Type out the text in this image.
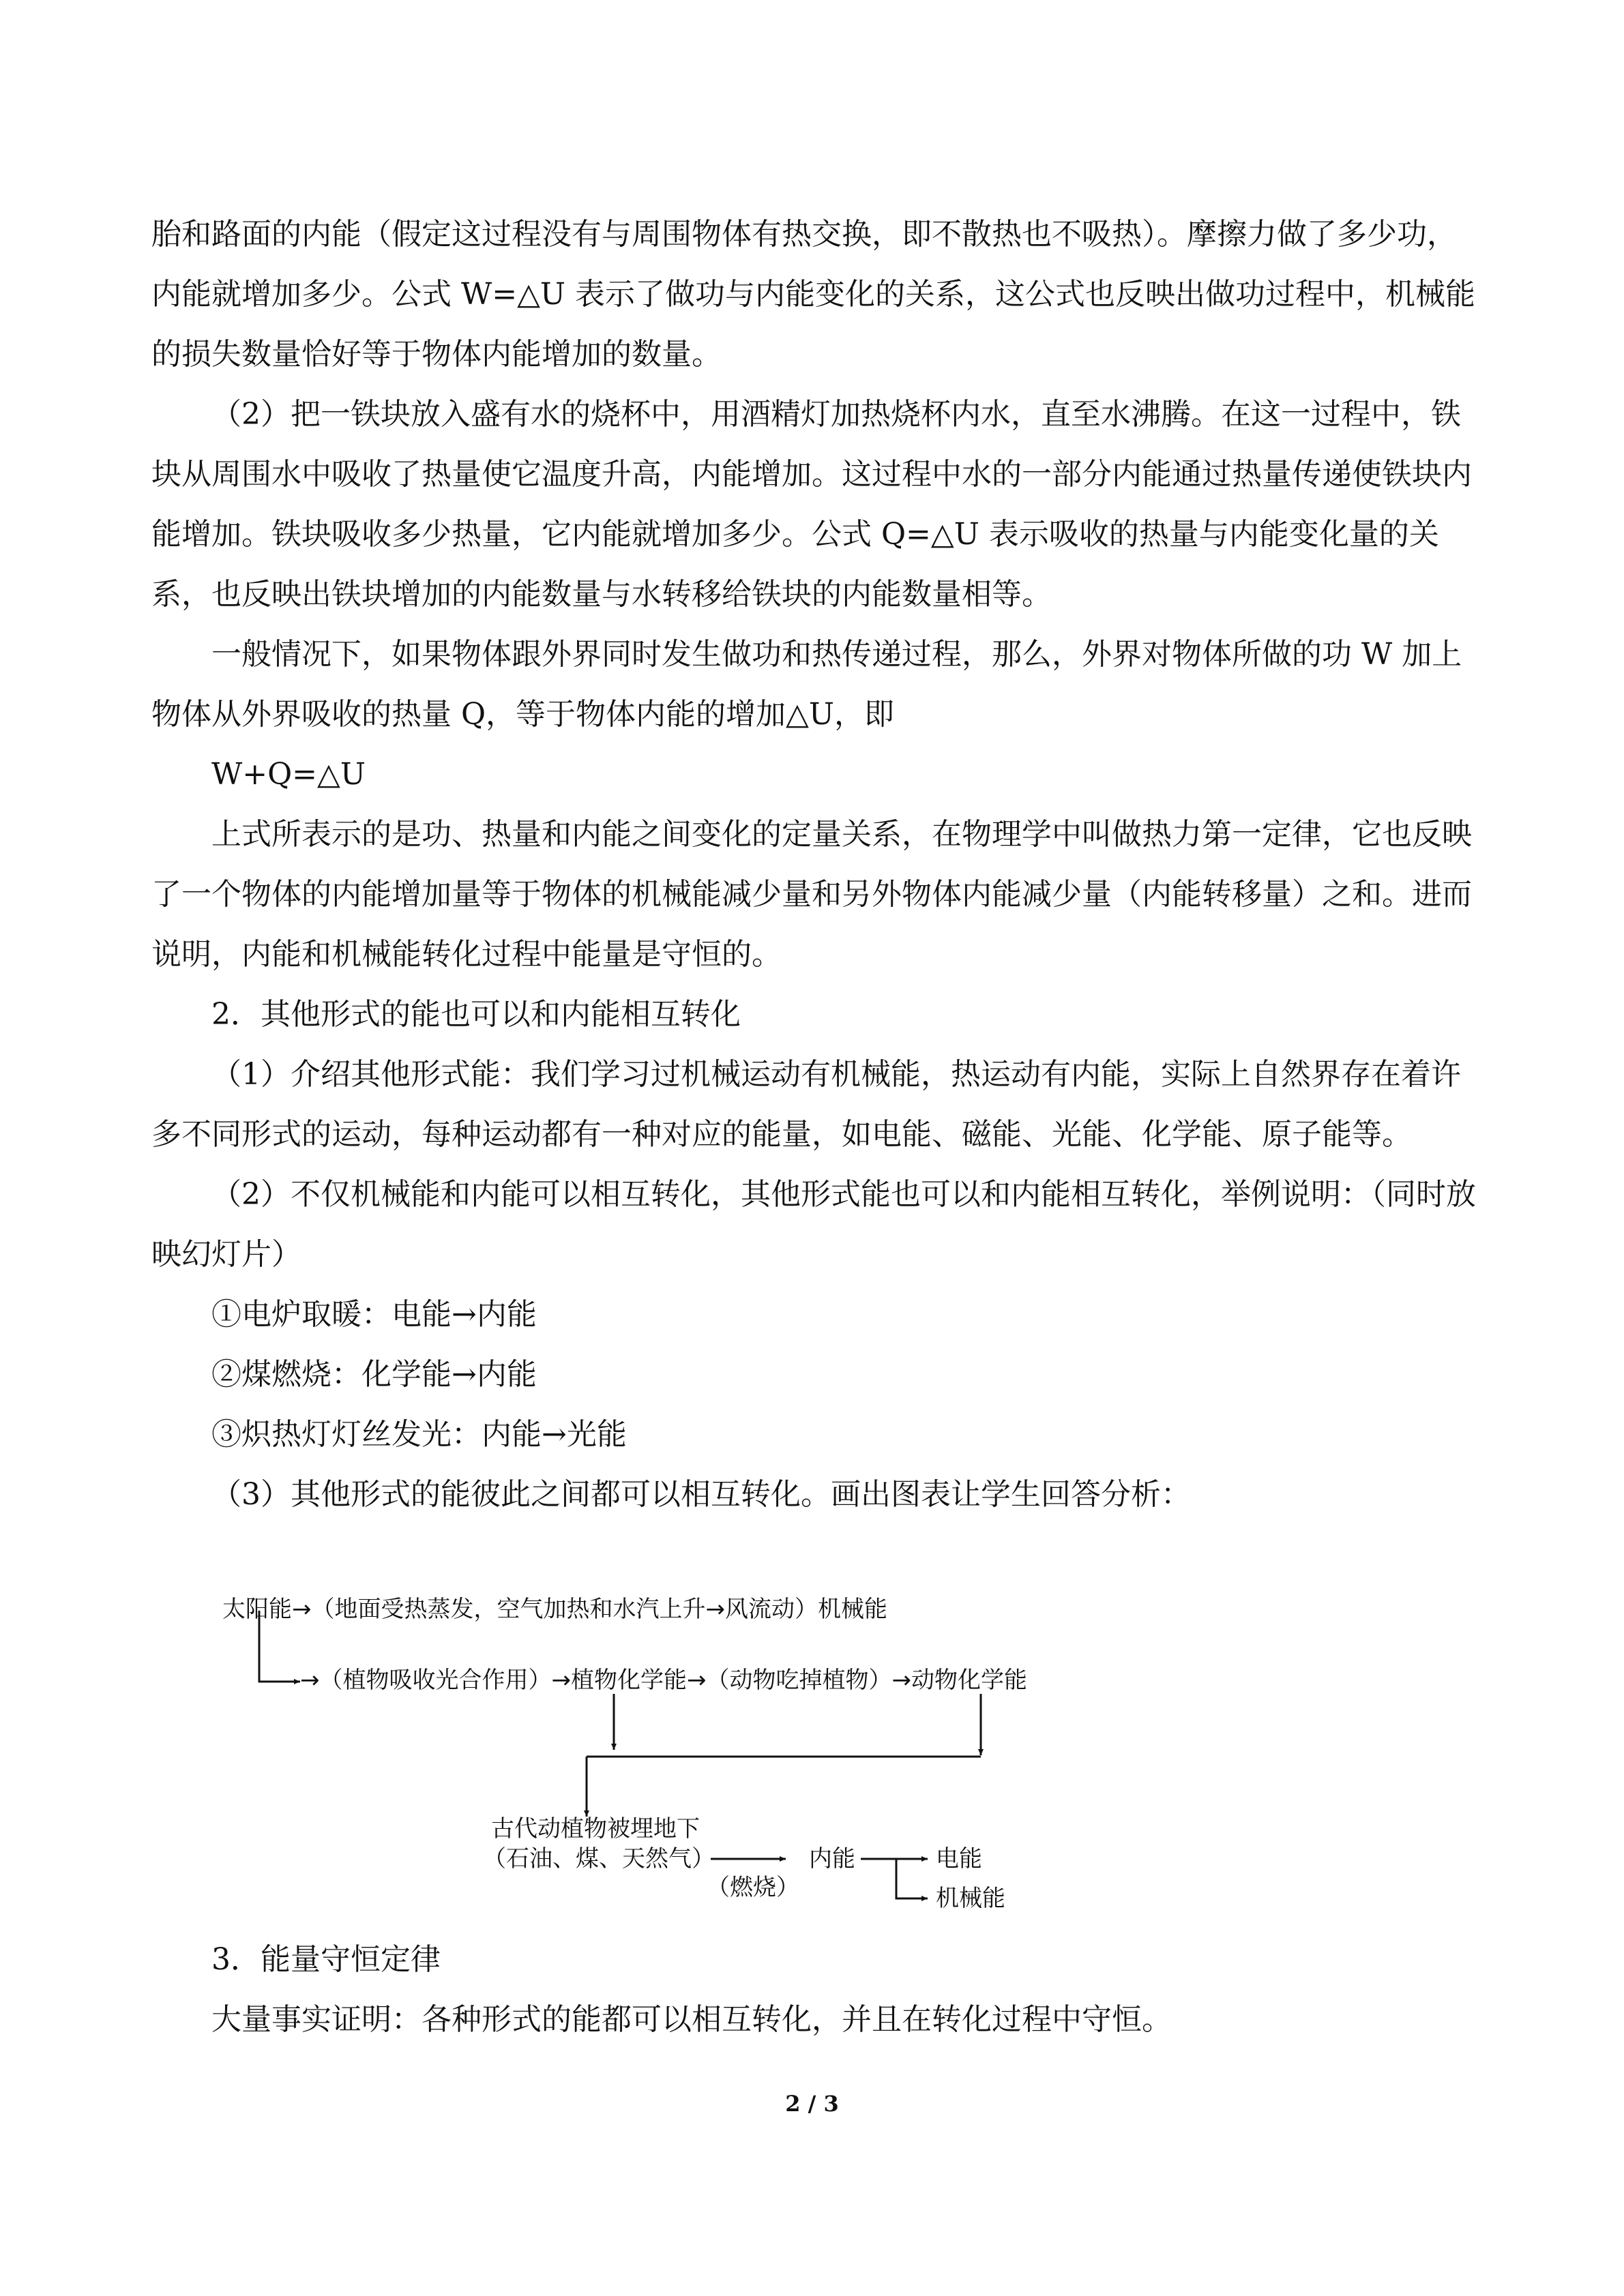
胎和路面的内能（假定这过程没有与周围物体有热交换，即不散热也不吸热）。摩擦力做了多少功，内能就增加多少。公式 W=△U 表示了做功与内能变化的关系，这公式也反映出做功过程中，机械能的损失数量恰好等于物体内能增加的数量。

（2）把一铁块放入盛有水的烧杯中，用酒精灯加热烧杯内水，直至水沸腾。在这一过程中，铁块从周围水中吸收了热量使它温度升高，内能增加。这过程中水的一部分内能通过热量传递使铁块内能增加。铁块吸收多少热量，它内能就增加多少。公式 Q=△U 表示吸收的热量与内能变化量的关系，也反映出铁块增加的内能数量与水转移给铁块的内能数量相等。

一般情况下，如果物体跟外界同时发生做功和热传递过程，那么，外界对物体所做的功 W 加上物体从外界吸收的热量 Q，等于物体内能的增加△U，即

W+Q=△U

上式所表示的是功、热量和内能之间变化的定量关系，在物理学中叫做热力第一定律，它也反映了一个物体的内能增加量等于物体的机械能减少量和另外物体内能减少量（内能转移量）之和。进而说明，内能和机械能转化过程中能量是守恒的。

2．其他形式的能也可以和内能相互转化

（1）介绍其他形式能：我们学习过机械运动有机械能，热运动有内能，实际上自然界存在着许多不同形式的运动，每种运动都有一种对应的能量，如电能、磁能、光能、化学能、原子能等。

（2）不仅机械能和内能可以相互转化，其他形式能也可以和内能相互转化，举例说明：（同时放映幻灯片）

①电炉取暖：电能→内能

②煤燃烧：化学能→内能

③炽热灯灯丝发光：内能→光能

（3）其他形式的能彼此之间都可以相互转化。画出图表让学生回答分析：

太阳能→（地面受热蒸发，空气加热和水汽上升→风流动）机械能
→（植物吸收光合作用）→植物化学能→（动物吃掉植物）→动物化学能
古代动植物被埋地下
（石油、煤、天然气）
（燃烧）
内能	电能
机械能

3．能量守恒定律

大量事实证明：各种形式的能都可以相互转化，并且在转化过程中守恒。

2 / 3
